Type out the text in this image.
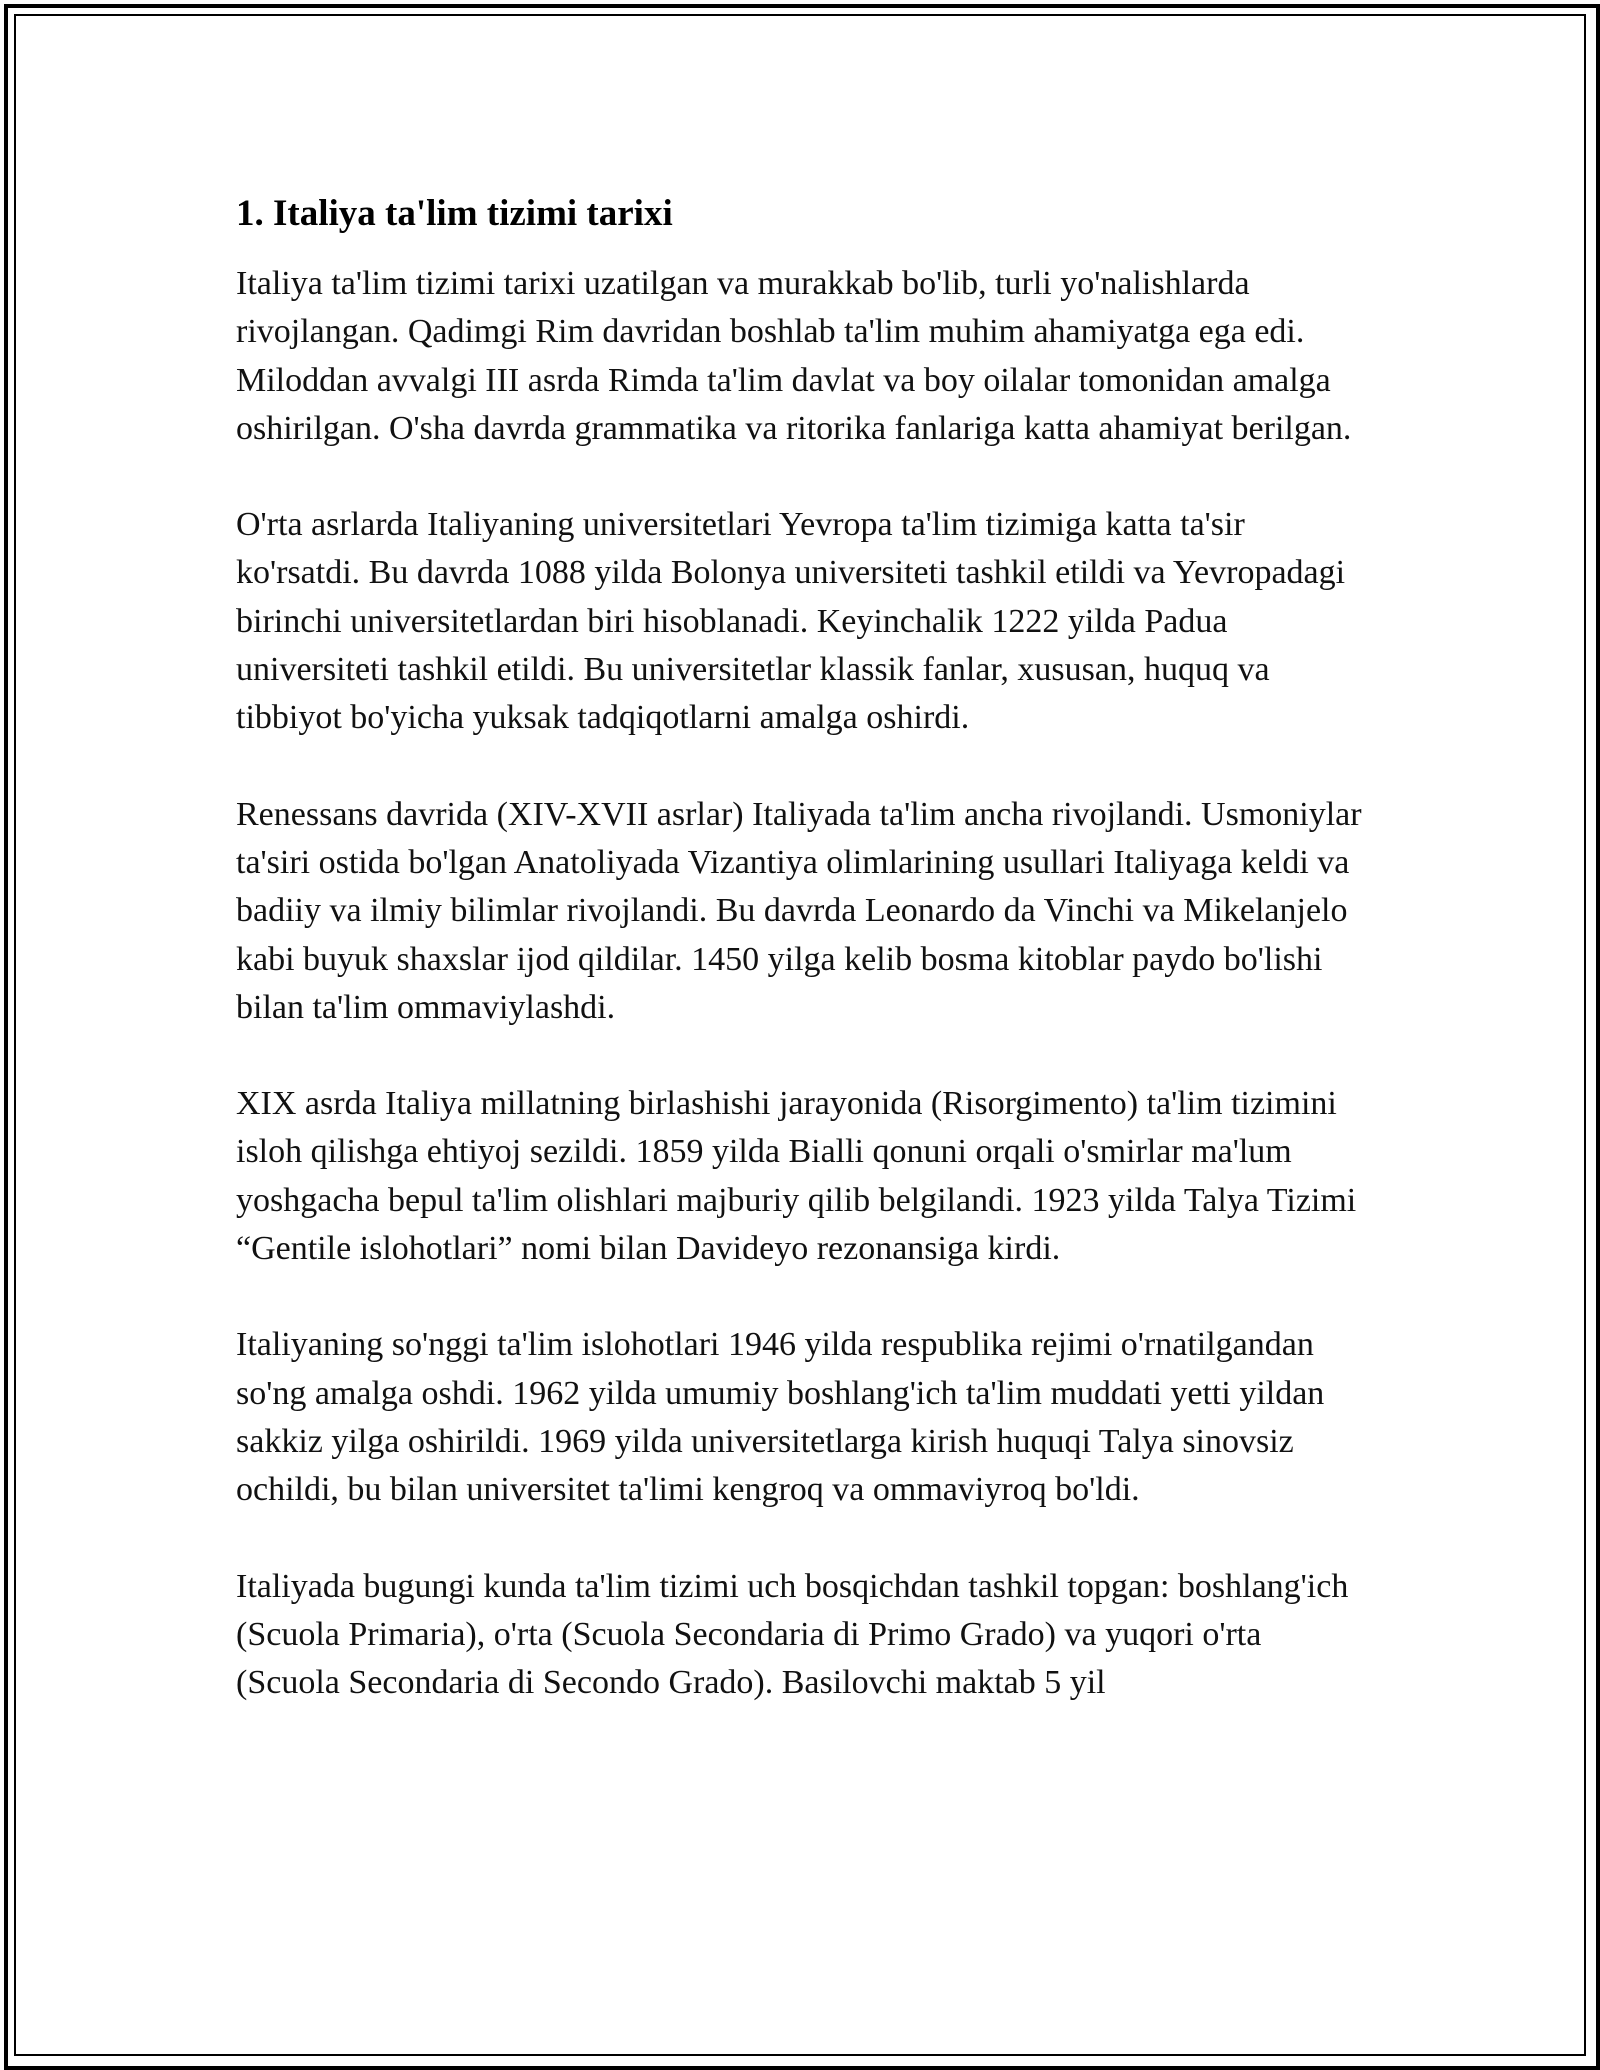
1. Italiya ta'lim tizimi tarixi

Italiya ta'lim tizimi tarixi uzatilgan va murakkab bo'lib, turli yo'nalishlarda rivojlangan. Qadimgi Rim davridan boshlab ta'lim muhim ahamiyatga ega edi. Miloddan avvalgi III asrda Rimda ta'lim davlat va boy oilalar tomonidan amalga oshirilgan. O'sha davrda grammatika va ritorika fanlariga katta ahamiyat berilgan.

O'rta asrlarda Italiyaning universitetlari Yevropa ta'lim tizimiga katta ta'sir ko'rsatdi. Bu davrda 1088 yilda Bolonya universiteti tashkil etildi va Yevropadagi birinchi universitetlardan biri hisoblanadi. Keyinchalik 1222 yilda Padua universiteti tashkil etildi. Bu universitetlar klassik fanlar, xususan, huquq va tibbiyot bo'yicha yuksak tadqiqotlarni amalga oshirdi.

Renessans davrida (XIV-XVII asrlar) Italiyada ta'lim ancha rivojlandi. Usmoniylar ta'siri ostida bo'lgan Anatoliyada Vizantiya olimlarining usullari Italiyaga keldi va badiiy va ilmiy bilimlar rivojlandi. Bu davrda Leonardo da Vinchi va Mikelanjelo kabi buyuk shaxslar ijod qildilar. 1450 yilga kelib bosma kitoblar paydo bo'lishi bilan ta'lim ommaviylashdi.

XIX asrda Italiya millatning birlashishi jarayonida (Risorgimento) ta'lim tizimini isloh qilishga ehtiyoj sezildi. 1859 yilda Bialli qonuni orqali o'smirlar ma'lum yoshgacha bepul ta'lim olishlari majburiy qilib belgilandi. 1923 yilda Talya Tizimi “Gentile islohotlari” nomi bilan Davideyo rezonansiga kirdi.

Italiyaning so'nggi ta'lim islohotlari 1946 yilda respublika rejimi o'rnatilgandan so'ng amalga oshdi. 1962 yilda umumiy boshlang'ich ta'lim muddati yetti yildan sakkiz yilga oshirildi. 1969 yilda universitetlarga kirish huquqi Talya sinovsiz ochildi, bu bilan universitet ta'limi kengroq va ommaviyroq bo'ldi.

Italiyada bugungi kunda ta'lim tizimi uch bosqichdan tashkil topgan: boshlang'ich (Scuola Primaria), o'rta (Scuola Secondaria di Primo Grado) va yuqori o'rta (Scuola Secondaria di Secondo Grado). Basilovchi maktab 5 yil
